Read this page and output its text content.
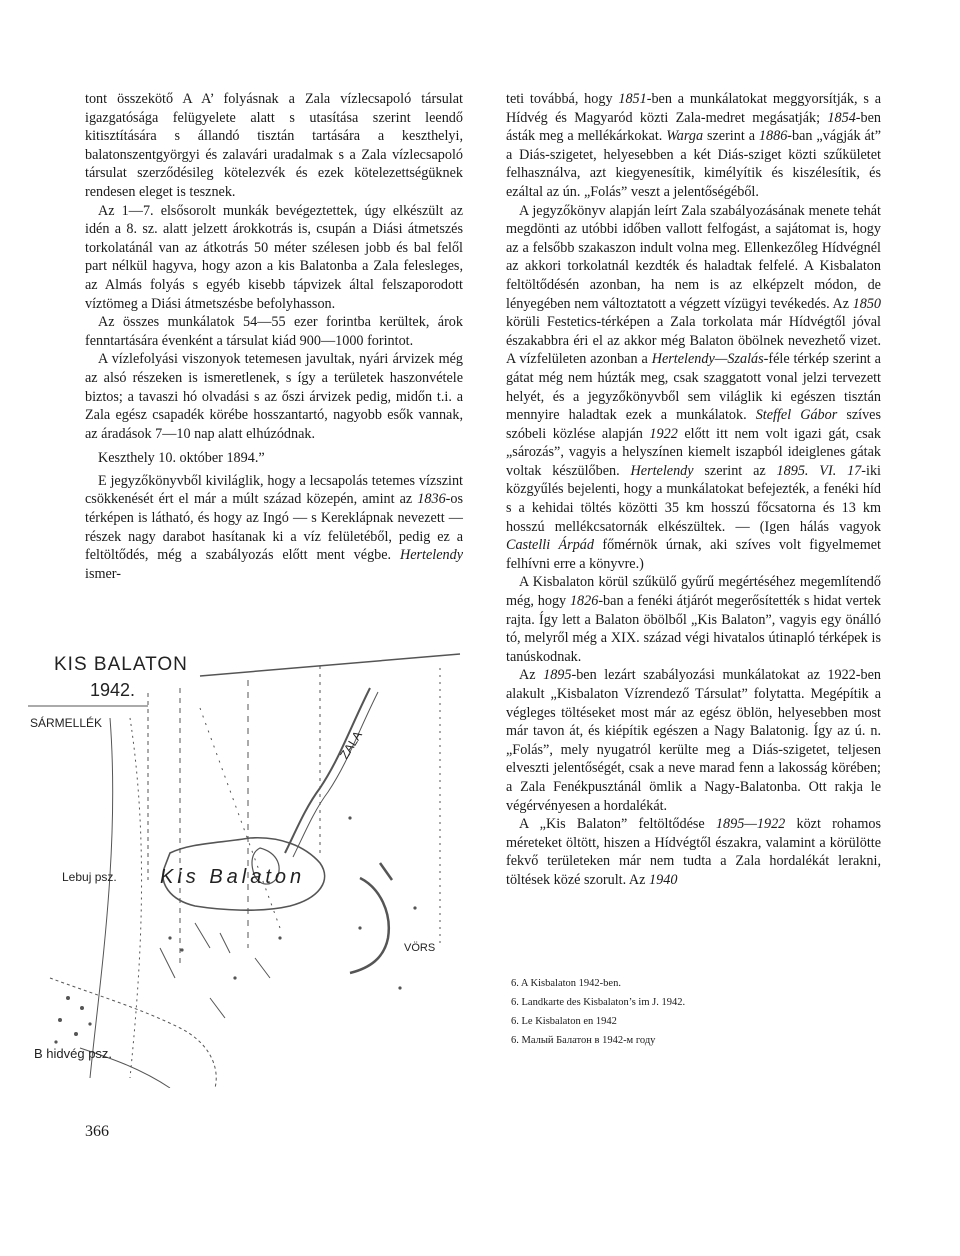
tont összekötő A A’ folyásnak a Zala vízlecsapoló társulat igazgatósága felügyelete alatt s utasítása szerint leendő kitisztítására s állandó tisztán tartására a keszthelyi, balatonszentgyörgyi és zalavári uradalmak s a Zala vízlecsapoló társulat szerződésileg kötelezvék és ezek kötelezettségüknek rendesen eleget is tesznek.

Az 1—7. elsősorolt munkák bevégeztettek, úgy elkészült az idén a 8. sz. alatt jelzett árokkotrás is, csupán a Diási átmetszés torkolatánál van az átkotrás 50 méter szélesen jobb és bal felől part nélkül hagyva, hogy azon a kis Balatonba a Zala felesleges, az Almás folyás s egyéb kisebb tápvizek által felszaporodott víztömeg a Diási átmetszésbe befolyhasson.

Az összes munkálatok 54—55 ezer forintba kerültek, árok fenntartására évenként a társulat kiád 900—1000 forintot.

A vízlefolyási viszonyok tetemesen javultak, nyári árvizek még az alsó részeken is ismeretlenek, s így a területek haszonvétele biztos; a tavaszi hó olvadási s az őszi árvizek pedig, midőn t.i. a Zala egész csapadék körébe hosszantartó, nagyobb esők vannak, az áradások 7—10 nap alatt elhúzódnak.

Keszthely 10. október 1894.”

E jegyzőkönyvből kiviláglik, hogy a lecsapolás tetemes vízszint csökkenését ért el már a múlt század közepén, amint az 1836-os térképen is látható, és hogy az Ingó — s Kereklápnak nevezett — részek nagy darabot hasítanak ki a víz felületéből, pedig ez a feltöltődés, még a szabályozás előtt ment végbe. Hertelendy ismer-

KIS BALATON
1942.
SÁRMELLÉK
Lebuj psz. Kis Balaton
ZALA
VÖRS
B hidvég psz.

teti továbbá, hogy 1851-ben a munkálatokat meggyorsítják, s a Hídvég és Magyaród közti Zala-medret megásatják; 1854-ben ásták meg a mellékárkokat. Warga szerint a 1886-ban „vágják át” a Diás-szigetet, helyesebben a két Diás-sziget közti szűkületet felhasználva, azt kiegyenesítik, kimélyítik és kiszélesítik, és ezáltal az ún. „Folás” veszt a jelentőségéből.

A jegyzőkönyv alapján leírt Zala szabályozásának menete tehát megdönti az utóbbi időben vallott felfogást, a sajátomat is, hogy az a felsőbb szakaszon indult volna meg. Ellenkezőleg Hídvégnél az akkori torkolatnál kezdték és haladtak felfelé. A Kisbalaton feltöltődésén azonban, ha nem is az elképzelt módon, de lényegében nem változtatott a végzett vízügyi tevékedés. Az 1850 körüli Festetics-térképen a Zala torkolata már Hídvégtől jóval északabbra éri el az akkor még Balaton öbölnek nevezhető vizet. A vízfelületen azonban a Hertelendy—Szalás-féle térkép szerint a gátat még nem húzták meg, csak szaggatott vonal jelzi tervezett helyét, és a jegyzőkönyvből sem világlik ki egészen tisztán mennyire haladtak ezek a munkálatok. Steffel Gábor szíves szóbeli közlése alapján 1922 előtt itt nem volt igazi gát, csak „sározás”, vagyis a helyszínen kiemelt iszapból ideiglenes gátak voltak készülőben. Hertelendy szerint az 1895. VI. 17-iki közgyűlés bejelenti, hogy a munkálatokat befejezték, a fenéki híd s a kehidai töltés közötti 35 km hosszú főcsatorna és 13 km hosszú mellékcsatornák elkészültek. — (Igen hálás vagyok Castelli Árpád főmérnök úrnak, aki szíves volt figyelmemet felhívni erre a könyvre.)

A Kisbalaton körül szűkülő gyűrű megértéséhez megemlítendő még, hogy 1826-ban a fenéki átjárót megerősítették s hidat vertek rajta. Így lett a Balaton öbölből „Kis Balaton”, vagyis egy önálló tó, melyről még a XIX. század végi hivatalos útinapló térképek is tanúskodnak.

Az 1895-ben lezárt szabályozási munkálatokat az 1922-ben alakult „Kisbalaton Vízrendező Társulat” folytatta. Megépítik a végleges töltéseket most már az egész öblön, helyesebben most már tavon át, és kiépítik egészen a Nagy Balatonig. Így az ú. n. „Folás”, mely nyugatról kerülte meg a Diás-szigetet, teljesen elveszti jelentőségét, csak a neve marad fenn a lakosság körében; a Zala Fenékpusztánál ömlik a Nagy-Balatonba. Ott rakja le végérvényesen a hordalékát.

A „Kis Balaton” feltöltődése 1895—1922 közt rohamos méreteket öltött, hiszen a Hídvégtől északra, valamint a körülötte fekvő területeken már nem tudta a Zala hordalékát lerakni, töltések közé szorult. Az 1940

6. A Kisbalaton 1942-ben.
6. Landkarte des Kisbalaton’s im J. 1942.
6. Le Kisbalaton en 1942
6. Малый Балатон в 1942-м году
366
